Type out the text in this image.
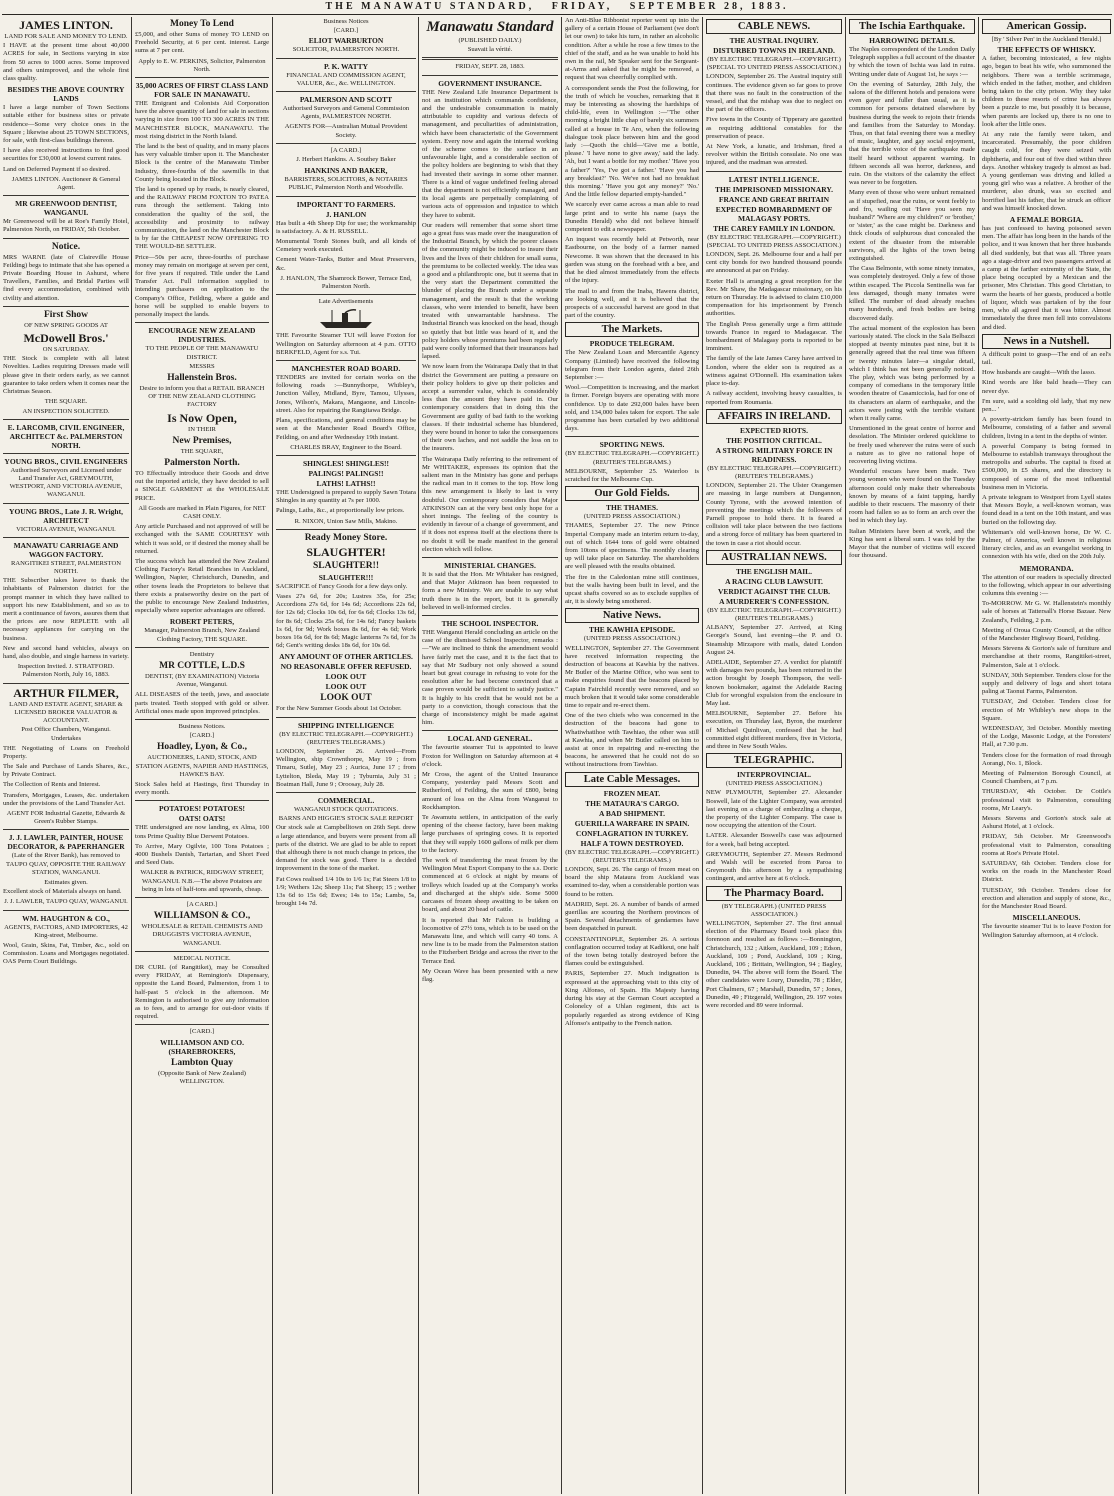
THE MANAWATU STANDARD, FRIDAY, SEPTEMBER 28, 1883.
JAMES LINTON.
LAND FOR SALE AND MONEY TO LEND.
I HAVE at the present time about 40,000 ACRES for sale, in Sections varying in size from 50 acres to 1000 acres. Some improved and others unimproved, and the whole first class quality.
BESIDES THE ABOVE COUNTRY LANDS
I have a large number of Town Sections suitable either for business sites or private residence—Some very choice ones in the Square ; likewise about 25 TOWN SECTIONS, for sale, with first-class buildings thereon.
I have also received instructions to find good securities for £30,000 at lowest current rates.
Land on Deferred Payment if so desired.
JAMES LINTON. Auctioneer & General Agent.
MR GREENWOOD DENTIST, WANGANUI.
Mr Greenwood will be at Roe's Family Hotel, Palmerston North, on FRIDAY, 5th October.
Notice.
MRS WARNE (late of Claireville House Feilding) begs to intimate that she has opened a Private Boarding House in Ashurst, where Travellers, Families, and Bridal Parties will find every accommodation, combined with civility and attention.
First Show
OF NEW SPRING GOODS AT
McDowell Bros.'
ON SATURDAY.
THE Stock is complete with all latest Novelties. Ladies requiring Dresses made will please give in their orders early, as we cannot guarantee to take orders when it comes near the Christmas Season.
THE SQUARE.
AN INSPECTION SOLICITED.
E. LARCOMB, CIVIL ENGINEER, ARCHITECT &c. PALMERSTON NORTH.
YOUNG BROS., CIVIL ENGINEERS
Authorised Surveyors and Licensed under Land Transfer Act, GREYMOUTH, WESTPORT, AND VICTORIA AVENUE, WANGANUI.
YOUNG BROS., Late J. R. Wright, ARCHITECT
VICTORIA AVENUE, WANGANUI.
MANAWATU CARRIAGE AND WAGGON FACTORY.
RANGITIKEI STREET, PALMERSTON NORTH.
THE Subscriber takes leave to thank the inhabitants of Palmerston district for the prompt manner in which they have rallied to support his new Establishment, and so as to merit a continuance of favors, assures them that the prices are now REPLETE with all necessary appliances for carrying on the business.
New and second hand vehicles, always on hand, also double, and single harness in variety.
Inspection Invited. J. STRATFORD. Palmerston North, July 16, 1883.
ARTHUR FILMER,
LAND AND ESTATE AGENT, SHARE & LICENSED BROKER VALUATOR & ACCOUNTANT.
Post Office Chambers, Wanganui.
Undertakes
THE Negotiating of Loans on Freehold Property.
The Sale and Purchase of Lands Shares, &c., by Private Contract.
The Collection of Rents and Interest.
Transfers, Mortgages, Leases, &c. undertaken under the provisions of the Land Transfer Act.
AGENT FOR Industrial Gazette, Edwards & Green's Rubber Stamps.
J. J. LAWLER, PAINTER, HOUSE DECORATOR, & PAPERHANGER
(Late of the River Bank), has removed to TAUPO QUAY, OPPOSITE THE RAILWAY STATION, WANGANUI.
Estimates given.
Excellent stock of Materials always on hand.
J. J. LAWLER, TAUPO QUAY, WANGANUI.
WM. HAUGHTON & CO.,
AGENTS, FACTORS, AND IMPORTERS, 42 King-street, Melbourne.
Wool, Grain, Skins, Fat, Timber, &c., sold on Commission. Loans and Mortgages negotiated. OAS Perm Court Buildings.
Money To Lend
£5,000, and other Sums of money TO LEND on Freehold Security, at 6 per cent. interest. Large sums at 7 per cent.
Apply to E. W. PERKINS, Solicitor, Palmerston North.
35,000 ACRES OF FIRST CLASS LAND FOR SALE IN MANAWATU.
THE Emigrant and Colonists Aid Corporation have the above quantity of land for sale in sections varying in size from 100 TO 300 ACRES IN THE MANCHESTER BLOCK, MANAWATU. The most rising district in the North Island.
The land is the best of quality, and in many places has very valuable timber upon it. The Manchester Block is the centre of the Manawatu Timber Industry, three-fourths of the sawmills in that County being located in the Block.
The land is opened up by roads, is nearly cleared, and the RAILWAY FROM FOXTON TO PATEA runs through the settlement. Taking into consideration the quality of the soil, the accessibility and proximity to railway communication, the land on the Manchester Block is by far the CHEAPEST NOW OFFERING TO THE WOULD-BE SETTLER.
Price—50s per acre, three-fourths of purchase money may remain on mortgage at seven per cent, for five years if required. Title under the Land Transfer Act. Full information supplied to intending purchasers on application to the Company's Office, Feilding, where a guide and horse will be supplied to enable buyers to personally inspect the lands.
ENCOURAGE NEW ZEALAND INDUSTRIES.
TO THE PEOPLE OF THE MANAWATU DISTRICT.
MESSRS
Hallenstein Bros.
Desire to inform you that a RETAIL BRANCH OF THE NEW ZEALAND CLOTHING FACTORY
Is Now Open,
IN THEIR
New Premises,
THE SQUARE,
Palmerston North.
TO Effectually introduce their Goods and drive out the imported article, they have decided to sell a SINGLE GARMENT at the WHOLESALE PRICE.
All Goods are marked in Plain Figures, for NET CASH ONLY.
Any article Purchased and not approved of will be exchanged with the SAME COURTESY with which it was sold, or if desired the money shall be returned.
The success which has attended the New Zealand Clothing Factory's Retail Branches in Auckland, Wellington, Napier, Christchurch, Dunedin, and other towns leads the Proprietors to believe that there exists a praiseworthy desire on the part of the public to encourage New Zealand Industries, especially where superior advantages are offered.
ROBERT PETERS,
Manager, Palmerston Branch, New Zealand Clothing Factory, THE SQUARE.
Dentistry
MR COTTLE, L.D.S
DENTIST, (BY EXAMINATION) Victoria Avenue, Wanganui.
ALL DISEASES of the teeth, jaws, and associate parts treated. Teeth stopped with gold or silver. Artificial ones made upon improved principles.
Business Notices.
[CARD.]
Hoadley, Lyon, & Co.,
AUCTIONEERS, LAND, STOCK, AND STATION AGENTS, NAPIER AND HASTINGS, HAWKE'S BAY.
Stock Sales held at Hastings, first Thursday in every month.
POTATOES! POTATOES!
OATS! OATS!
THE undersigned are now landing, ex Alma, 100 tons Prime Quality Blue Derwent Potatoes.
To Arrive, Mary Ogilvie, 100 Tons Potatoes ; 4000 Bushels Danish, Tartarian, and Short Feed and Seed Oats.
WALKER & PATRICK, RIDGWAY STREET, WANGANUI. N.B.—The above Potatoes are being in lots of half-tons and upwards, cheap.
[A CARD.]
WILLIAMSON & CO.,
WHOLESALE & RETAIL CHEMISTS AND DRUGGISTS VICTORIA AVENUE, WANGANUI.
MEDICAL NOTICE.
DR CURL (of Rangitikei), may be Consulted every FRIDAY, at Remington's Dispensary, opposite the Land Board, Palmerston, from 1 to half-past 5 o'clock in the afternoon. Mr Remington is authorised to give any information as to fees, and to arrange for out-door visits if required.
[CARD.]
WILLIAMSON AND CO. (SHAREBROKERS,
Lambton Quay
(Opposite Bank of New Zealand) WELLINGTON.
Business Notices
[CARD.]
ELIOT WARBURTON
SOLICITOR, PALMERSTON NORTH.
P. K. WATTY
FINANCIAL AND COMMISSION AGENT, VALUER, &c., &c. WELLINGTON.
PALMERSON AND SCOTT
Authorised Surveyors and General Commission Agents, PALMERSTON NORTH.
AGENTS FOR—Australian Mutual Provident Society.
[A CARD.]
J. Herbert Hankins. A. Southey Baker
HANKINS AND BAKER,
BARRISTERS, SOLICITORS, & NOTARIES PUBLIC, Palmerston North and Woodville.
IMPORTANT TO FARMERS.
J. HANLON
Has built a 4th Sheep Dip for use; the workmanship is satisfactory. A. & H. RUSSELL.
Monumental Tomb Stones built, and all kinds of Cemetery work executed.
Cement Water-Tanks, Butter and Meat Preservers, &c.
J. HANLON, The Shamrock Bower, Terrace End, Palmerston North.
Late Advertisements
THE Favourite Steamer TUI will leave Foxton for Wellington on Saturday afternoon at 4 p.m. OTTO BERKFELD, Agent for s.s. Tui.
MANCHESTER ROAD BOARD.
TENDERS are invited for certain works on the following roads :—Bunnythorpe, Whibley's, Junction Valley, Midland, Byre, Tamou, Ulysses, Jones, Wilson's, Makara, Mangaone, and Lincoln-street. Also for repairing the Rangitawa Bridge.
Plans, specifications, and general conditions may be seen at the Manchester Road Board's Office, Feilding, on and after Wednesday 19th instant.
CHARLES BRAY, Engineer to the Board.
SHINGLES! SHINGLES!!
PALINGS! PALINGS!!
LATHS! LATHS!!
THE Undersigned is prepared to supply Sawn Totara Shingles in any quantity at 7s per 1000.
Palings, Laths, &c., at proportionally low prices.
R. NIXON, Union Saw Mills, Makino.
Ready Money Store.
SLAUGHTER!
SLAUGHTER!!
SLAUGHTER!!!
SACRIFICE of Fancy Goods for a few days only.
Vases 27s 6d, for 20s; Lustres 35s, for 25s; Accordions 27s 6d, for 14s 6d; Accordions 22s 6d, for 12s 6d; Clocks 10s 6d, for 6s 6d; Clocks 13s 6d, for 8s 6d; Clocks 25s 6d, for 14s 6d; Fancy baskets 1s 6d, for 9d; Work boxes 8s 6d, for 4s 6d; Work boxes 16s 6d, for 8s 6d; Magic lanterns 7s 6d, for 3s 6d; Gent's writing desks 18s 6d, for 10s 6d.
ANY AMOUNT OF OTHER ARTICLES.
NO REASONABLE OFFER REFUSED.
LOOK OUT
LOOK OUT
LOOK OUT
For the New Summer Goods about 1st October.
SHIPPING INTELLIGENCE
(BY ELECTRIC TELEGRAPH.—COPYRIGHT.) (REUTER'S TELEGRAMS.)
LONDON, September 26. Arrived—From Wellington, ship Crownthorpe, May 19 ; from Timaru, Sutlej, May 23 ; Aurica, June 17 ; from Lyttelton, Bleda, May 19 ; Tyburnia, July 31 ; Boatman Hall, June 9 ; Oroosay, July 28.
COMMERCIAL.
WANGANUI STOCK QUOTATIONS.
BARNS AND HIGGIE'S STOCK SALE REPORT
Our stock sale at Campbelltown on 26th Sept. drew a large attendance, and buyers were present from all parts of the district. We are glad to be able to report that although there is not much change in prices, the demand for stock was good. There is a decided improvement in the tone of the market.
Fat Cows realised 1/4 10s to 1/6 1s; Fat Steers 1/8 to 1/9; Wethers 12s; Sheep 11s; Fat Sheep; 15 ; wether 13s 6d to 15s 6d; Ewes; 14s to 15s; Lambs, 5s, brought 14s 7d.
Manawatu Standard
(PUBLISHED DAILY.)
Suavait la vérité.
FRIDAY, SEPT. 28, 1883.
GOVERNMENT INSURANCE.
THE New Zealand Life Insurance Department is not an institution which commands confidence, and the undesirable consummation is mainly attributable to cupidity and various defects of management, and peculiarities of administration, which have been characteristic of the Government system. Every now and again the internal working of the scheme comes to the surface in an unfavourable light, and a considerable section of the policy holders are beginning to wish that they had invested their savings in some other manner. There is a kind of vague undefined feeling abroad that the department is not efficiently managed, and its local agents are perpetually complaining of various acts of oppression and injustice to which they have to submit.
Our readers will remember that some short time ago a great fuss was made over the inauguration of the Industrial Branch, by which the poorer classes of the community might be induced to insure their lives and the lives of their children for small sums, the premiums to be collected weekly. The idea was a good and a philanthropic one, but it seems that in the very start the Department committed the blunder of placing the Branch under a separate management, and the result is that the working classes, who were intended to benefit, have been treated with unwarrantable harshness. The Industrial Branch was knocked on the head, though so quietly that but little was heard of it, and the policy holders whose premiums had been regularly paid were coolly informed that their insurances had lapsed.
We now learn from the Wairarapa Daily that in that district the Government are putting a pressure on their policy holders to give up their policies and accept a surrender value, which is considerably less than the amount they have paid in. Our contemporary considers that in doing this the Government are guilty of bad faith to the working classes. If their industrial scheme has blundered, they were bound in honor to take the consequences of their own laches, and not saddle the loss on to the insurers.
The Wairarapa Daily referring to the retirement of Mr WHITAKER, expresses its opinion that the salient man in the Ministry has gone and perhaps the radical man in it comes to the top. How long this new arrangement is likely to last is very doubtful. Our contemporary considers that Major ATKINSON can at the very best only hope for a short innings. The feeling of the country is evidently in favour of a change of government, and if it does not express itself at the elections there is no doubt it will be made manifest in the general election which will follow.
MINISTERIAL CHANGES.
It is said that the Hon. Mr Whitaker has resigned, and that Major Atkinson has been requested to form a new Ministry. We are unable to say what truth there is in the report, but it is generally believed in well-informed circles.
THE SCHOOL INSPECTOR.
THE Wanganui Herald concluding an article on the case of the dismissed School Inspector, remarks :—"We are inclined to think the amendment would have fairly met the case, and it is the fact that to say that Mr Sudbury not only showed a sound heart but great courage in refusing to vote for the resolution after he had become convinced that a case proven would be sufficient to satisfy justice." It is highly to his credit that he would not be a party to a conviction, though conscious that the charge of inconsistency might be made against him.
LOCAL AND GENERAL.
The favourite steamer Tui is appointed to leave Foxton for Wellington on Saturday afternoon at 4 o'clock.
Mr Cross, the agent of the United Insurance Company, yesterday paid Messrs Scott and Rutherford, of Feilding, the sum of £800, being amount of loss on the Alma from Wanganui to Rockhampton.
Te Awamutu settlers, in anticipation of the early opening of the cheese factory, have been making large purchases of springing cows. It is reported that they will supply 1600 gallons of milk per diem to the factory.
The work of transferring the meat frozen by the Wellington Meat Export Company to the s.s. Doric commenced at 6 o'clock at night by means of trolleys which loaded up at the Company's works and discharged at the ship's side. Some 5000 carcases of frozen sheep awaiting to be taken on board, and about 20 head of cattle.
It is reported that Mr Falcon is building a locomotive of 27½ tons, which is to be used on the Manawatu line, and which will carry 40 tons. A new line is to be made from the Palmerston station to the Fitzherbert Bridge and across the river to the Terrace End.
My Ocean Wave has been presented with a new flag.
An Anti-Blue Ribbonist reporter went up into the gallery of a certain House of Parliament (we don't let our own) to take his turn, in rather an alcoholic condition. After a while he rose a few times to the chief of the staff, and as he was unable to hold his own in the rail, Mr Speaker sent for the Sergeant-at-Arms and asked that he might be removed, a request that was cheerfully complied with.
A correspondent sends the Post the following, for the truth of which he vouches, remarking that it may be interesting as showing the hardships of child-life, even in Wellington :—"The other morning a bright little chap of barely six summers called at a house in Te Aro, when the following dialogue took place between him and the good lady :—Quoth the child—'Give me a bottle, please.' 'I have none to give away,' said the lady. 'Ah, but I want a bottle for my mother.' 'Have you a father?' 'Yes, I've got a father.' 'Have you had any breakfast?' 'No. We've not had no breakfast this morning.' 'Have you got any money?' 'No.' And the little fellow departed empty-handed."
We scarcely ever came across a man able to read large print and to write his name (says the Dunedin Herald) who did not believe himself competent to edit a newspaper.
An inquest was recently held at Petworth, near Eastbourne, on the body of a farmer named Newcome. It was shown that the deceased in his garden was stung on the forehead with a bee, and that he died almost immediately from the effects of the injury.
The mail to and from the Inaba, Hawera district, are looking well, and it is believed that the prospects of a successful harvest are good in that part of the country.
The Markets.
PRODUCE TELEGRAM.
The New Zealand Loan and Mercantile Agency Company (Limited) have received the following telegram from their London agents, dated 26th September :—
Wool.—Competition is increasing, and the market is firmer. Foreign buyers are operating with more confidence. Up to date 292,000 bales have been sold, and 134,000 bales taken for export. The sale programme has been curtailed by two additional days.
SPORTING NEWS.
(BY ELECTRIC TELEGRAPH.—COPYRIGHT.) (REUTER'S TELEGRAMS.)
MELBOURNE, September 25. Waterloo is scratched for the Melbourne Cup.
Our Gold Fields.
THE THAMES.
(UNITED PRESS ASSOCIATION.)
THAMES, September 27. The new Prince Imperial Company made an interim return to-day, out of which 1644 tons of gold were obtained from 10tons of specimens. The monthly clearing up will take place on Saturday. The shareholders are well pleased with the results obtained.
The fire in the Caledonian mine still continues, but the walls having been built in level, and the upcast shafts covered so as to exclude supplies of air, it is slowly being smothered.
Native News.
THE KAWHIA EPISODE.
(UNITED PRESS ASSOCIATION.)
WELLINGTON, September 27. The Government have received information respecting the destruction of beacons at Kawhia by the natives. Mr Butler of the Marine Office, who was sent to make enquiries found that the beacons placed by Captain Fairchild recently were removed, and so much broken that it would take some considerable time to repair and re-erect them.
One of the two chiefs who was concerned in the destruction of the beacons had gone to Whatiwhatihoe with Tawhiao, the other was still at Kawhia, and when Mr Butler called on him to assist at once in repairing and re-erecting the beacons, he answered that he could not do so without instructions from Tawhiao.
Late Cable Messages.
FROZEN MEAT.
THE MATAURA'S CARGO.
A BAD SHIPMENT.
GUERILLA WARFARE IN SPAIN.
CONFLAGRATION IN TURKEY.
HALF A TOWN DESTROYED.
(BY ELECTRIC TELEGRAPH.—COPYRIGHT.) (REUTER'S TELEGRAMS.)
LONDON, Sept. 26. The cargo of frozen meat on board the ship Mataura from Auckland was examined to-day, when a considerable portion was found to be rotten.
MADRID, Sept. 26. A number of bands of armed guerillas are scouring the Northern provinces of Spain. Several detachments of gendarmes have been despatched in pursuit.
CONSTANTINOPLE, September 26. A serious conflagration occurred today at Kadikeui, one half of the town being totally destroyed before the flames could be extinguished.
PARIS, September 27. Much indignation is expressed at the approaching visit to this city of King Alfonso, of Spain. His Majesty having during his stay at the German Court accepted a Colonelcy of a Uhlan regiment, this act is popularly regarded as strong evidence of King Alfonso's antipathy to the French nation.
CABLE NEWS.
THE AUSTRAL INQUIRY.
DISTURBED TOWNS IN IRELAND.
(BY ELECTRIC TELEGRAPH.—COPYRIGHT.) (SPECIAL TO UNITED PRESS ASSOCIATION.)
LONDON, September 26. The Austral inquiry still continues. The evidence given so far goes to prove that there was no fault in the construction of the vessel, and that the mishap was due to neglect on the part of the officers.
Five towns in the County of Tipperary are gazetted as requiring additional constables for the preservation of peace.
At New York, a lunatic, and Irishman, fired a revolver within the British consulate. No one was injured, and the madman was arrested.
LATEST INTELLIGENCE.
THE IMPRISONED MISSIONARY.
FRANCE AND GREAT BRITAIN
EXPECTED BOMBARDMENT OF MALAGASY PORTS.
THE CAREY FAMILY IN LONDON.
(BY ELECTRIC TELEGRAPH.—COPYRIGHT.) (SPECIAL TO UNITED PRESS ASSOCIATION.)
LONDON, Sept. 26. Melbourne four and a half per cent city bonds for two hundred thousand pounds are announced at par on Friday.
Exeter Hall is arranging a great reception for the Rev. Mr Shaw, the Madagascar missionary, on his return on Thursday. He is advised to claim £10,000 compensation for his imprisonment by French authorities.
The English Press generally urge a firm attitude towards France in regard to Madagascar. The bombardment of Malagasy ports is reported to be imminent.
The family of the late James Carey have arrived in London, where the elder son is required as a witness against O'Donnell. His examination takes place to-day.
A railway accident, involving heavy casualties, is reported from Roumania.
AFFAIRS IN IRELAND.
EXPECTED RIOTS.
THE POSITION CRITICAL.
A STRONG MILITARY FORCE IN READINESS.
(BY ELECTRIC TELEGRAPH.—COPYRIGHT.) (REUTER'S TELEGRAMS.)
LONDON, September 21. The Ulster Orangemen are massing in large numbers at Dungannon, County Tyrone, with the avowed intention of preventing the meetings which the followers of Parnell propose to hold there. It is feared a collision will take place between the two factions and a strong force of military has been quartered in the town in case a riot should occur.
AUSTRALIAN NEWS.
THE ENGLISH MAIL.
A RACING CLUB LAWSUIT.
VERDICT AGAINST THE CLUB.
A MURDERER'S CONFESSION.
(BY ELECTRIC TELEGRAPH.—COPYRIGHT.) (REUTER'S TELEGRAMS.)
ALBANY, September 27. Arrived, at King George's Sound, last evening—the P. and O. Steamship Mirzapore with mails, dated London August 24.
ADELAIDE, September 27. A verdict for plaintiff with damages two pounds, has been returned in the action brought by Joseph Thompson, the well-known bookmaker, against the Adelaide Racing Club for wrongful expulsion from the enclosure in May last.
MELBOURNE, September 27. Before his execution, on Thursday last, Byron, the murderer of Michael Quinlivan, confessed that he had committed eight different murders, five in Victoria, and three in New South Wales.
TELEGRAPHIC.
INTERPROVINCIAL.
(UNITED PRESS ASSOCIATION.)
NEW PLYMOUTH, September 27. Alexander Boswell, late of the Lighter Company, was arrested last evening on a charge of embezzling a cheque, the property of the Lighter Company. The case is now occupying the attention of the Court.
LATER. Alexander Boswell's case was adjourned for a week, bail being accepted.
GREYMOUTH, September 27. Messrs Redmond and Walsh will be escorted from Paroa to Greymouth this afternoon by a sympathising contingent, and arrive here at 6 o'clock.
The Pharmacy Board.
(BY TELEGRAPH.) (UNITED PRESS ASSOCIATION.)
WELLINGTON, September 27. The first annual election of the Pharmacy Board took place this forenoon and resulted as follows :—Bonnington, Christchurch, 132 ; Aitken, Auckland, 109 ; Edson, Auckland, 109 ; Pond, Auckland, 109 ; King, Auckland, 106 ; Brittain, Wellington, 94 ; Bagley, Dunedin, 94. The above will form the Board. The other candidates were Loury, Dunedin, 78 ; Elder, Port Chalmers, 67 ; Marshall, Dunedin, 57 ; Jones, Dunedin, 49 ; Fitzgerald, Wellington, 29. 197 votes were recorded and 89 were informal.
The Ischia Earthquake.
HARROWING DETAILS.
The Naples correspondent of the London Daily Telegraph supplies a full account of the disaster by which the town of Ischia was laid in ruins. Writing under date of August 1st, he says :—
On the evening of Saturday, 28th July, the salons of the different hotels and pensions were even gayer and fuller than usual, as it is common for persons detained elsewhere by business during the week to rejoin their friends and families from the Saturday to Monday. Thus, on that fatal evening there was a medley of music, laughter, and gay social enjoyment, that the terrible voice of the earthquake made itself heard without apparent warning. In fifteen seconds all was horror, darkness, and ruin. On the visitors of the calamity the effect was never to be forgotten.
Many even of those who were unhurt remained as if stupefied, near the ruins, or went feebly to and fro, wailing out 'Have you seen my husband?' 'Where are my children?' or 'brother,' or 'sister,' as the case might be. Darkness and thick clouds of sulphurous dust concealed the extent of the disaster from the miserable survivors, all the lights of the town being extinguished.
The Casa Belmonte, with some ninety inmates, was completely destroyed. Only a few of those within escaped. The Piccola Sentinella was far less damaged, though many inmates were killed. The number of dead already reaches many hundreds, and fresh bodies are being discovered daily.
The actual moment of the explosion has been variously stated. The clock in the Sala Belbazzi stopped at twenty minutes past nine, but it is generally agreed that the real time was fifteen or twenty minutes later—a singular detail, which I think has not been generally noticed. The play, which was being performed by a company of comedians in the temporary little wooden theatre of Casamicciola, had for one of its characters an alarm of earthquake, and the actors were jesting with the terrible visitant when it really came.
Unmentioned in the great centre of horror and desolation. The Minister ordered quicklime to be freely used wherever the ruins were of such a nature as to give no rational hope of recovering living victims.
Wonderful rescues have been made. Two young women who were found on the Tuesday afternoon could only make their whereabouts known by means of a faint tapping, hardly audible to their rescuers. The masonry of their room had fallen so as to form an arch over the bed in which they lay.
Italian Ministers have been at work, and the King has sent a liberal sum. I was told by the Mayor that the number of victims will exceed four thousand.
American Gossip.
[By ' Silver Pen' in the Auckland Herald.]
THE EFFECTS OF WHISKY.
A father, becoming intoxicated, a few nights ago, began to beat his wife, who summoned the neighbors. There was a terrible scrimmage, which ended in the father, mother, and children being taken to the city prison. Why they take children to these resorts of crime has always been a puzzle to me, but possibly it is because, when parents are locked up, there is no one to look after the little ones.
At any rate the family were taken, and incarcerated. Presumably, the poor children caught cold, for they were seized with diphtheria, and four out of five died within three days. Another whiskey tragedy is almost as bad. A young gentleman was driving and killed a young girl who was a relative. A brother of the murderer, also drunk, was so excited and horrified last his father, that he struck an officer and was himself knocked down.
A FEMALE BORGIA.
has just confessed to having poisoned seven men. The affair has long been in the hands of the police, and it was known that her three husbands all died suddenly, but that was all. Three years ago a stage-driver and two passengers arrived at a camp at the farther extremity of the State, the place being occupied by a Mexican and the prisoner, Mrs Christian. This good Christian, to warm the hearts of her guests, produced a bottle of liquor, which was partaken of by the four men, who all agreed that it was bitter. Almost immediately the three men fell into convulsions and died.
News in a Nutshell.
A difficult point to grasp—The end of an eel's tail.
How husbands are caught—With the lasso.
Kind words are like bald heads—They can never dye.
I'm sure, said a scolding old lady, 'that my new pen... '
A poverty-stricken family has been found in Melbourne, consisting of a father and several children, living in a tent in the depths of winter.
A powerful Company is being formed in Melbourne to establish tramways throughout the metropolis and suburbs. The capital is fixed at £500,000, in £5 shares, and the directory is composed of some of the most influential business men in Victoria.
A private telegram to Westport from Lyell states that Messrs Boyle, a well-known woman, was found dead in a tent on the 10th instant, and was buried on the following day.
Whiteman's old well-known horse, Dr W. C. Palmer, of America, well known in religious literary circles, and as an evangelist working in connexion with his wife, died on the 20th July.
MEMORANDA.
The attention of our readers is specially directed to the following, which appear in our advertising columns this evening :—
To-MORROW. Mr G. W. Hallenstein's monthly sale of horses at Tattersall's Horse Bazaar. New Zealand's, Feilding, 2 p.m.
Meeting of Oroua County Council, at the office of the Manchester Highway Board, Feilding.
Messrs Stevens & Gorton's sale of furniture and merchandise at their rooms, Rangitikei-street, Palmerston, Sale at 1 o'clock.
SUNDAY, 30th September. Tenders close for the supply and delivery of logs and short totara paling at Taonui Farms, Palmerston.
TUESDAY, 2nd October. Tenders close for erection of Mr Whibley's new shops in the Square.
WEDNESDAY, 3rd October. Monthly meeting of the Lodge, Masonic Lodge, at the Foresters' Hall, at 7.30 p.m.
Tenders close for the formation of road through Aorangi, No. 1, Block.
Meeting of Palmerston Borough Council, at Council Chambers, at 7 p.m.
THURSDAY, 4th October. Dr Cottle's professional visit to Palmerston, consulting rooms, Mr Leary's.
Messrs Stevens and Gorton's stock sale at Ashurst Hotel, at 1 o'clock.
FRIDAY, 5th October. Mr Greenwood's professional visit to Palmerston, consulting rooms at Roe's Private Hotel.
SATURDAY, 6th October. Tenders close for works on the roads in the Manchester Road District.
TUESDAY, 9th October. Tenders close for erection and alteration and supply of stone, &c., for the Manchester Road Board.
MISCELLANEOUS.
The favourite steamer Tui is to leave Foxton for Wellington Saturday afternoon, at 4 o'clock.
